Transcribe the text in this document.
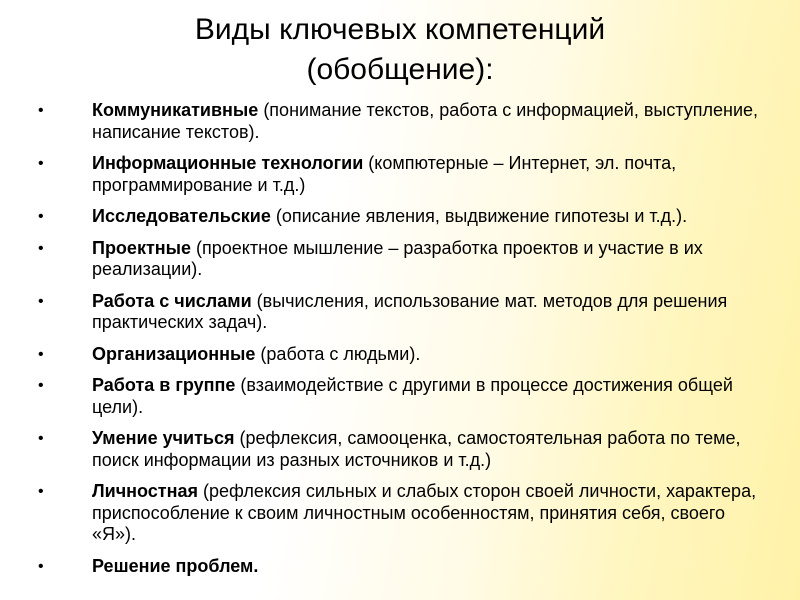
Виды ключевых компетенций
(обобщение):
•	Коммуникативные (понимание текстов, работа с информацией, выступление, написание текстов).
•	Информационные технологии (компютерные – Интернет, эл. почта, программирование и т.д.)
•	Исследовательские (описание явления, выдвижение гипотезы и т.д.).
•	Проектные (проектное мышление – разработка проектов и участие в их реализации).
•	Работа с числами (вычисления, использование мат. методов для решения практических задач).
•	Организационные (работа с людьми).
•	Работа в группе (взаимодействие с другими в процессе достижения общей цели).
•	Умение учиться (рефлексия, самооценка, самостоятельная работа по теме, поиск информации из разных источников и т.д.)
•	Личностная (рефлексия сильных и слабых сторон своей личности, характера, приспособление к своим личностным особенностям, принятия себя, своего «Я»).
•	Решение проблем.
